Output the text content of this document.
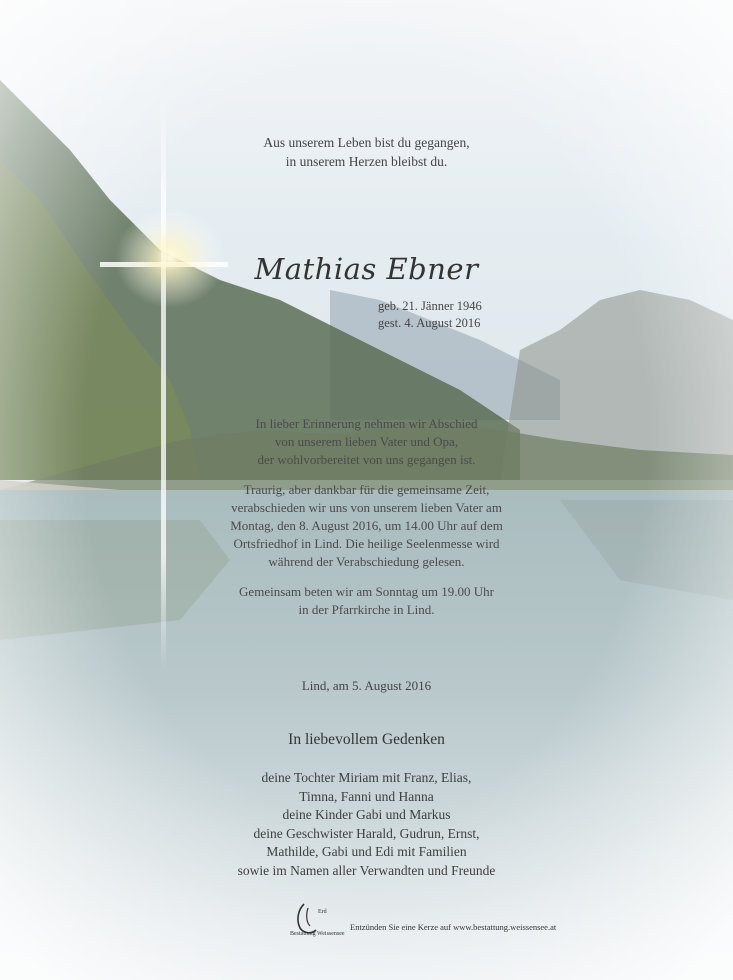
Aus unserem Leben bist du gegangen,
in unserem Herzen bleibst du.
Mathias Ebner
geb. 21. Jänner 1946
gest. 4. August 2016
In lieber Erinnerung nehmen wir Abschied
von unserem lieben Vater und Opa,
der wohlvorbereitet von uns gegangen ist.
Traurig, aber dankbar für die gemeinsame Zeit,
verabschieden wir uns von unserem lieben Vater am
Montag, den 8. August 2016, um 14.00 Uhr auf dem
Ortsfriedhof in Lind. Die heilige Seelenmesse wird
während der Verabschiedung gelesen.
Gemeinsam beten wir am Sonntag um 19.00 Uhr
in der Pfarrkirche in Lind.
Lind, am 5. August 2016
In liebevollem Gedenken
deine Tochter Miriam mit Franz, Elias,
Timna, Fanni und Hanna
deine Kinder Gabi und Markus
deine Geschwister Harald, Gudrun, Ernst,
Mathilde, Gabi und Edi mit Familien
sowie im Namen aller Verwandten und Freunde
Erd
Bestattung Weissensee
Entzünden Sie eine Kerze auf www.bestattung.weissensee.at
